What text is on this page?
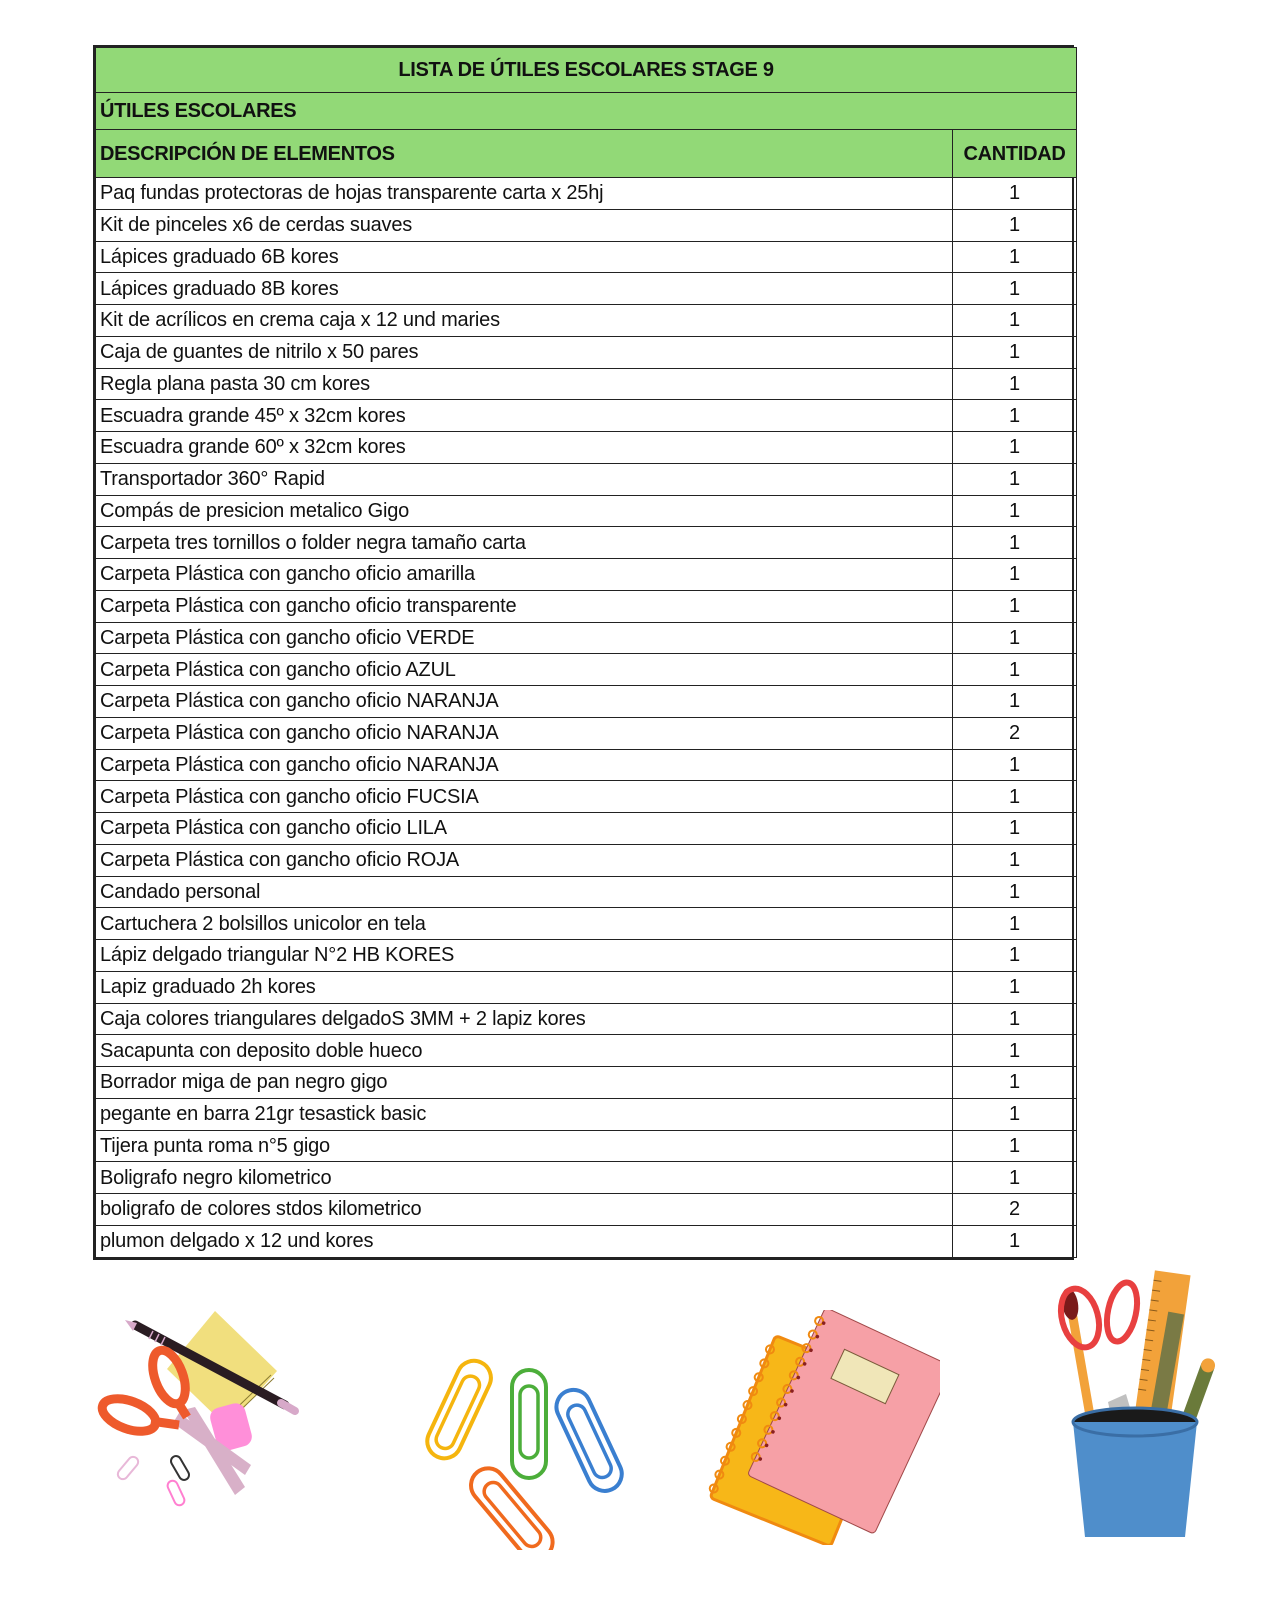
LISTA DE ÚTILES ESCOLARES STAGE 9	
ÚTILES ESCOLARES	
DESCRIPCIÓN DE ELEMENTOS	CANTIDAD
Paq fundas protectoras de hojas transparente carta x 25hj	1
Kit de pinceles x6 de cerdas suaves	1
Lápices graduado 6B kores	1
Lápices graduado 8B kores	1
Kit de acrílicos en crema caja x 12 und maries	1
Caja de guantes de nitrilo x 50 pares	1
Regla plana pasta 30 cm kores	1
Escuadra grande 45º x 32cm kores	1
Escuadra grande 60º x 32cm kores	1
Transportador 360° Rapid	1
Compás de presicion metalico Gigo	1
Carpeta tres tornillos o folder negra tamaño carta	1
Carpeta Plástica con gancho oficio amarilla	1
Carpeta Plástica con gancho oficio transparente	1
Carpeta Plástica con gancho oficio VERDE	1
Carpeta Plástica con gancho oficio AZUL	1
Carpeta Plástica con gancho oficio NARANJA	1
Carpeta Plástica con gancho oficio NARANJA	2
Carpeta Plástica con gancho oficio NARANJA	1
Carpeta Plástica con gancho oficio FUCSIA	1
Carpeta Plástica con gancho oficio LILA	1
Carpeta Plástica con gancho oficio ROJA	1
Candado personal	1
Cartuchera 2 bolsillos unicolor en tela	1
Lápiz delgado triangular N°2 HB KORES	1
Lapiz graduado 2h kores	1
Caja colores triangulares delgadoS 3MM + 2 lapiz kores	1
Sacapunta con deposito doble hueco	1
Borrador miga de pan negro gigo	1
pegante en barra 21gr tesastick basic	1
Tijera punta roma n°5 gigo	1
Boligrafo negro kilometrico	1
boligrafo de colores stdos kilometrico	2
plumon delgado x 12 und kores	1
